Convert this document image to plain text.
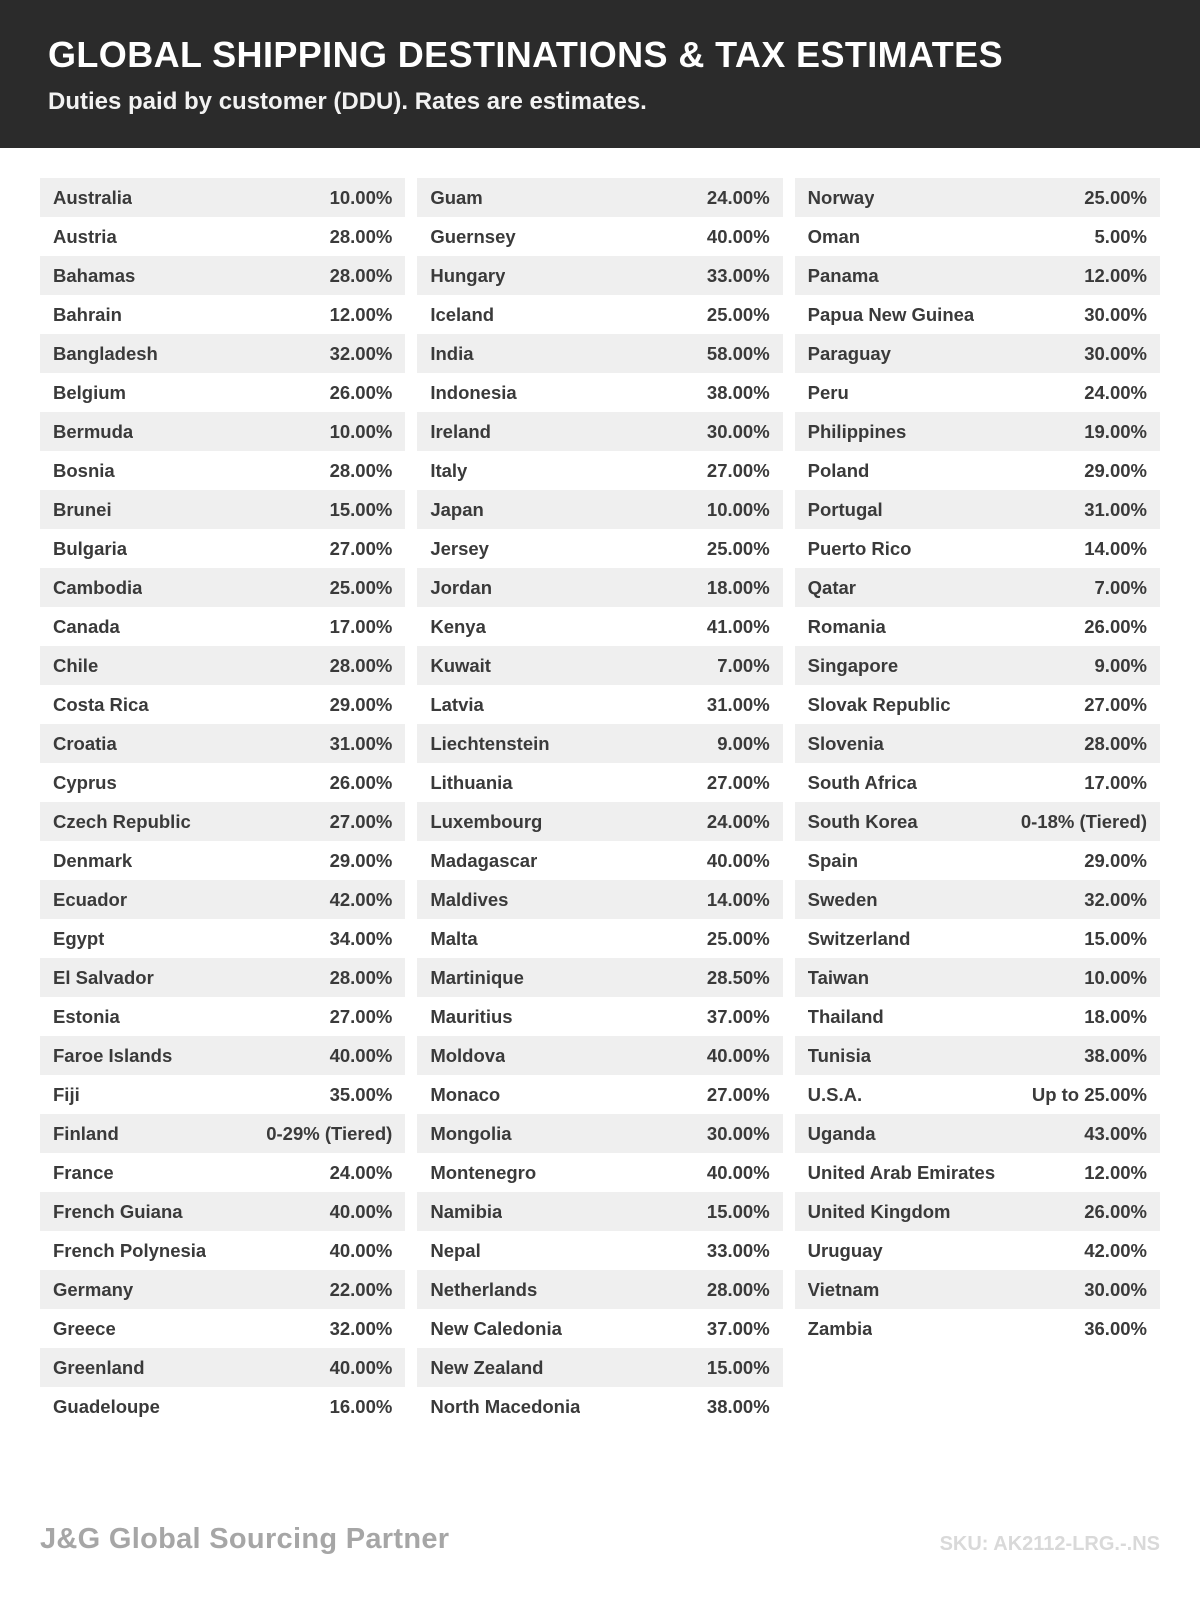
GLOBAL SHIPPING DESTINATIONS & TAX ESTIMATES

Duties paid by customer (DDU). Rates are estimates.

Australia	10.00%
Austria	28.00%
Bahamas	28.00%
Bahrain	12.00%
Bangladesh	32.00%
Belgium	26.00%
Bermuda	10.00%
Bosnia	28.00%
Brunei	15.00%
Bulgaria	27.00%
Cambodia	25.00%
Canada	17.00%
Chile	28.00%
Costa Rica	29.00%
Croatia	31.00%
Cyprus	26.00%
Czech Republic	27.00%
Denmark	29.00%
Ecuador	42.00%
Egypt	34.00%
El Salvador	28.00%
Estonia	27.00%
Faroe Islands	40.00%
Fiji	35.00%
Finland	0-29% (Tiered)
France	24.00%
French Guiana	40.00%
French Polynesia	40.00%
Germany	22.00%
Greece	32.00%
Greenland	40.00%
Guadeloupe	16.00%
Guam	24.00%
Guernsey	40.00%
Hungary	33.00%
Iceland	25.00%
India	58.00%
Indonesia	38.00%
Ireland	30.00%
Italy	27.00%
Japan	10.00%
Jersey	25.00%
Jordan	18.00%
Kenya	41.00%
Kuwait	7.00%
Latvia	31.00%
Liechtenstein	9.00%
Lithuania	27.00%
Luxembourg	24.00%
Madagascar	40.00%
Maldives	14.00%
Malta	25.00%
Martinique	28.50%
Mauritius	37.00%
Moldova	40.00%
Monaco	27.00%
Mongolia	30.00%
Montenegro	40.00%
Namibia	15.00%
Nepal	33.00%
Netherlands	28.00%
New Caledonia	37.00%
New Zealand	15.00%
North Macedonia	38.00%
Norway	25.00%
Oman	5.00%
Panama	12.00%
Papua New Guinea	30.00%
Paraguay	30.00%
Peru	24.00%
Philippines	19.00%
Poland	29.00%
Portugal	31.00%
Puerto Rico	14.00%
Qatar	7.00%
Romania	26.00%
Singapore	9.00%
Slovak Republic	27.00%
Slovenia	28.00%
South Africa	17.00%
South Korea	0-18% (Tiered)
Spain	29.00%
Sweden	32.00%
Switzerland	15.00%
Taiwan	10.00%
Thailand	18.00%
Tunisia	38.00%
U.S.A.	Up to 25.00%
Uganda	43.00%
United Arab Emirates	12.00%
United Kingdom	26.00%
Uruguay	42.00%
Vietnam	30.00%
Zambia	36.00%
J&G Global Sourcing Partner	SKU: AK2112-LRG.-.NS
